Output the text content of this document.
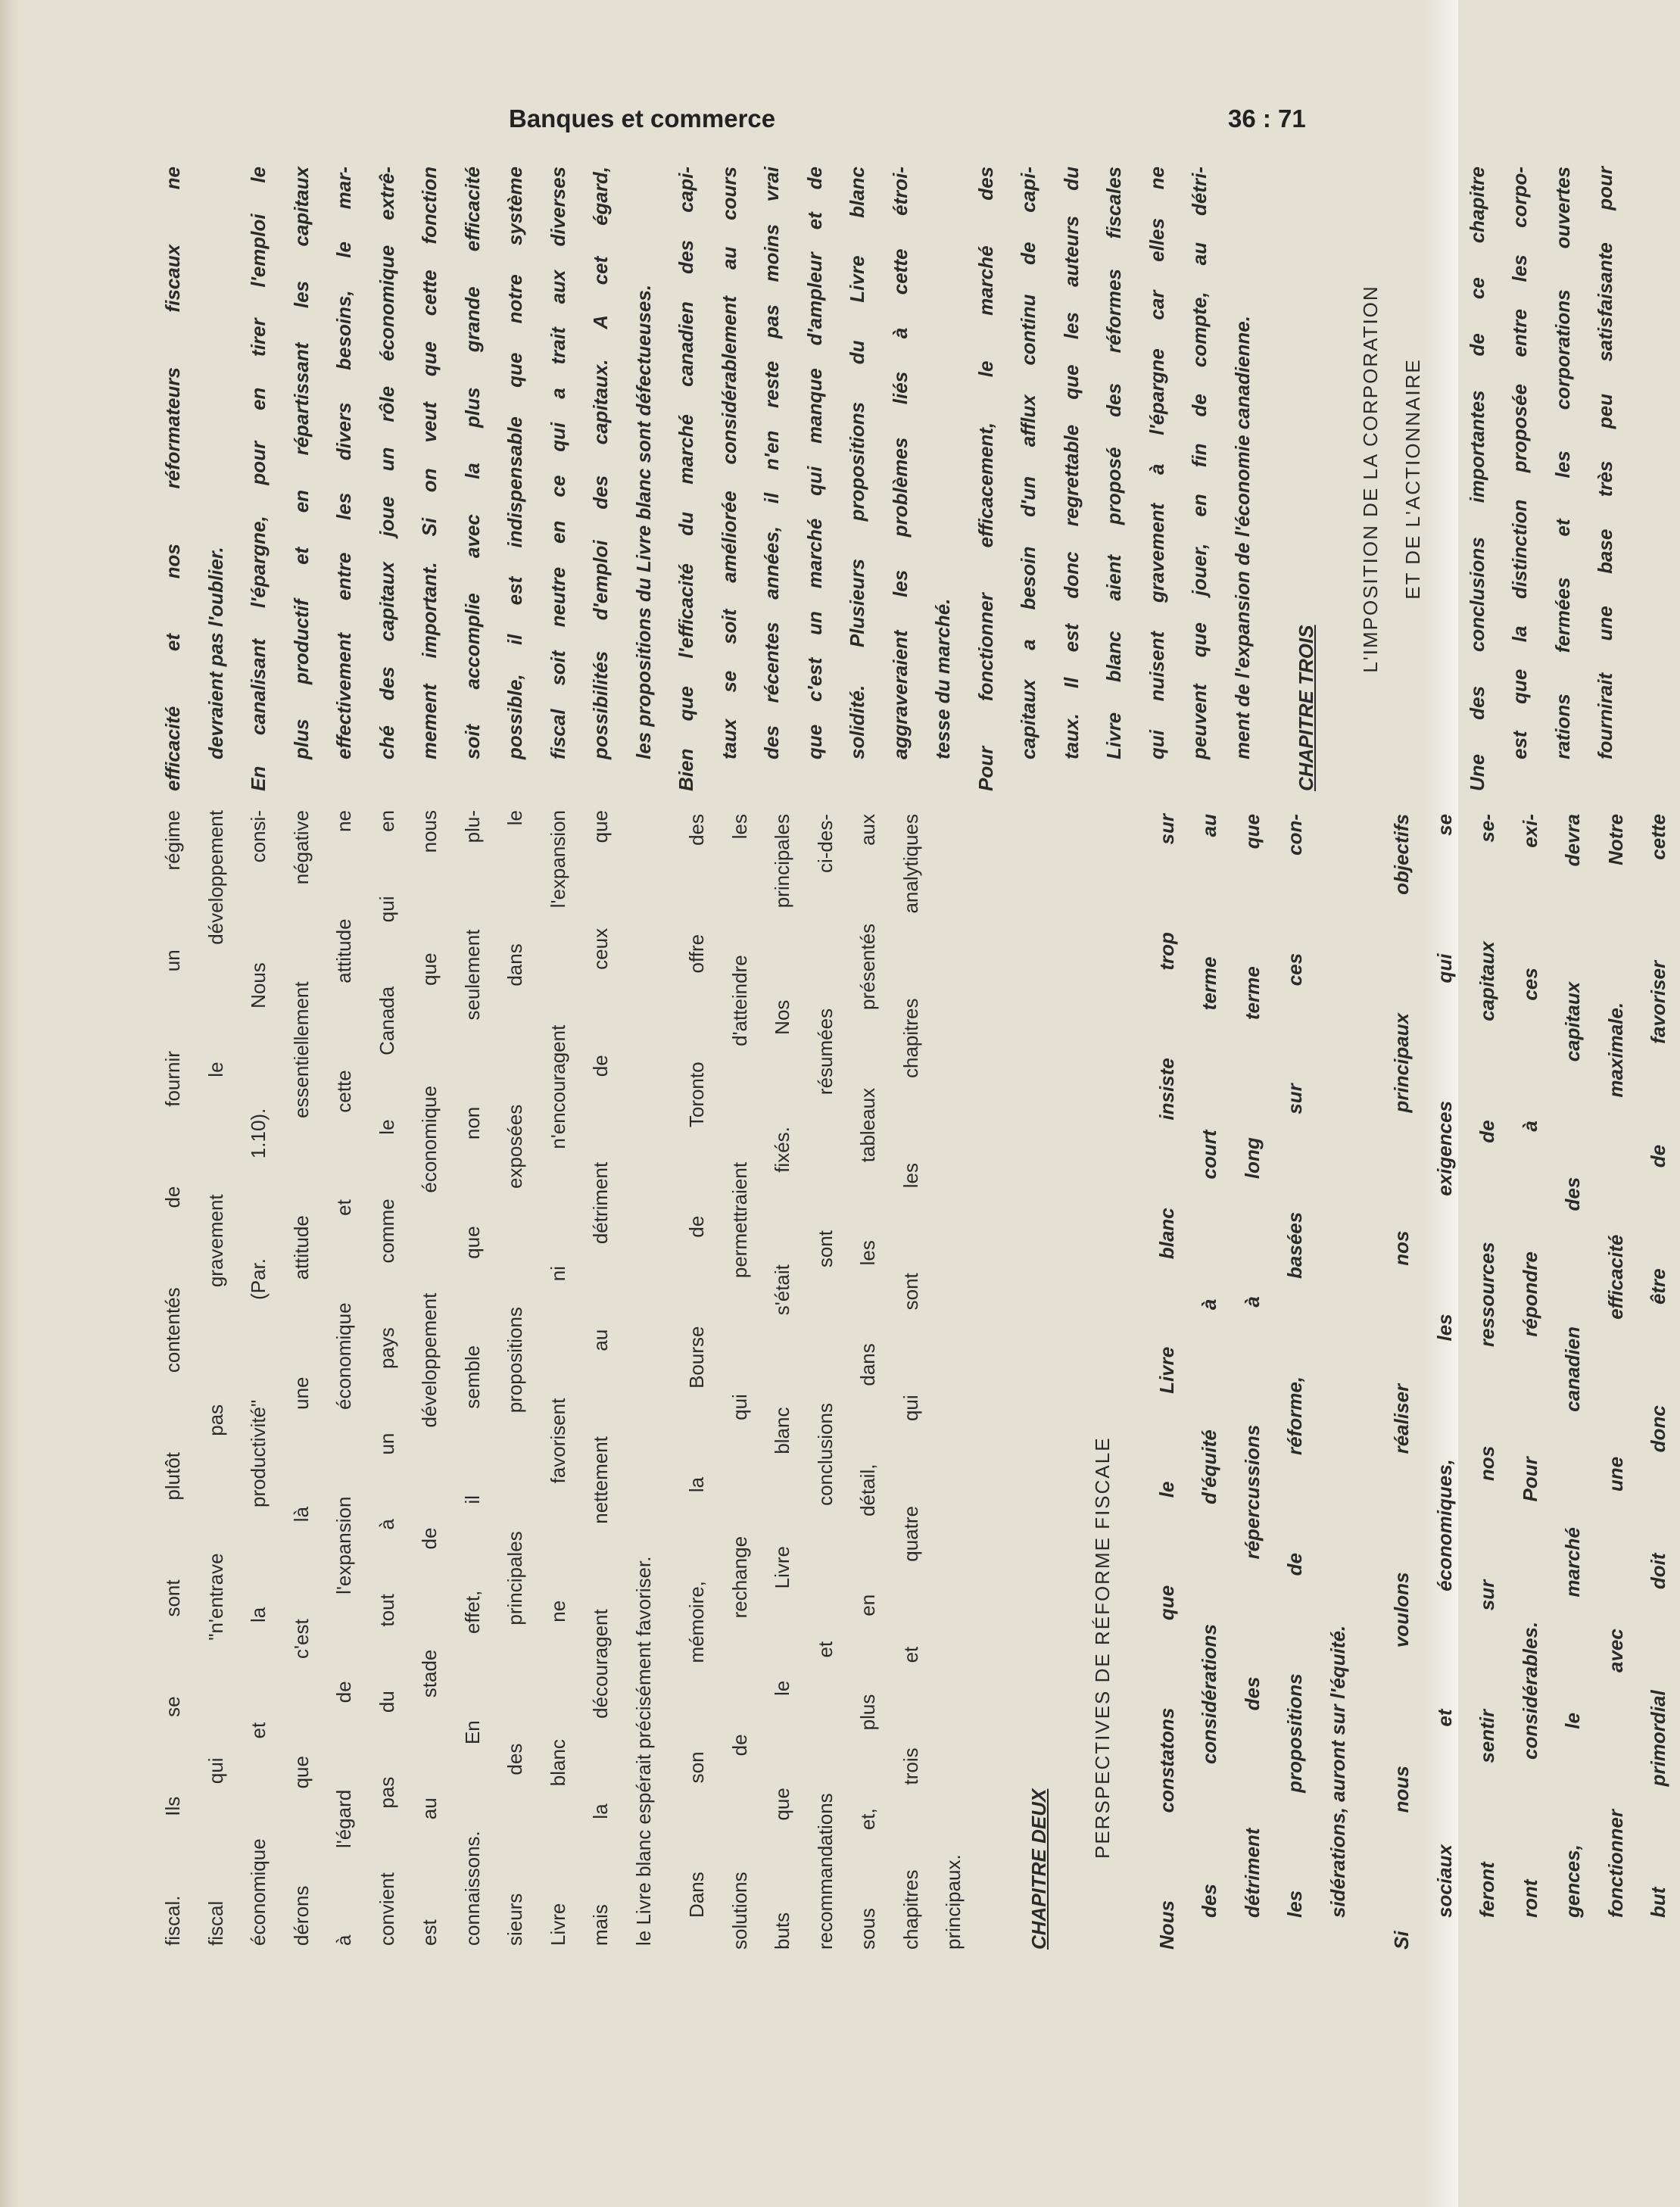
Banques et commerce	36 : 71
fiscal. Ils se sont plutôt contentés de fournir un régime	fiscal qui "n'entrave pas gravement le développement	économique et la productivité" (Par. 1.10). Nous consi-	dérons que c'est là une attitude essentiellement négative	à l'égard de l'expansion économique et cette attitude ne	convient pas du tout à un pays comme le Canada qui en	est au stade de développement économique que nous	connaissons. En effet, il semble que non seulement plu-	sieurs des principales propositions exposées dans le	Livre blanc ne favorisent ni n'encouragent l'expansion	mais la découragent nettement au détriment de ceux que	le Livre blanc espérait précisément favoriser.	Dans son mémoire, la Bourse de Toronto offre des	solutions de rechange qui permettraient d'atteindre les	buts que le Livre blanc s'était fixés. Nos principales	recommandations et conclusions sont résumées ci-des-	sous et, plus en détail, dans les tableaux présentés aux	chapitres trois et quatre qui sont les chapitres analytiques	principaux.	CHAPITRE DEUX
PERSPECTIVES DE RÉFORME FISCALE	Nous constatons que le Livre blanc insiste trop sur	des considérations d'équité à court terme au	détriment des répercussions à long terme que	les propositions de réforme, basées sur ces con-	sidérations, auront sur l'équité.	Si nous voulons réaliser nos principaux objectifs	sociaux et économiques, les exigences qui se	feront sentir sur nos ressources de capitaux se-	ront considérables. Pour répondre à ces exi-	gences, le marché canadien des capitaux devra	fonctionner avec une efficacité maximale. Notre	but primordial doit donc être de favoriser cette
efficacité et nos réformateurs fiscaux ne	devraient pas l'oublier.	En canalisant l'épargne, pour en tirer l'emploi le	plus productif et en répartissant les capitaux	effectivement entre les divers besoins, le mar-	ché des capitaux joue un rôle économique extrê-	mement important. Si on veut que cette fonction	soit accomplie avec la plus grande efficacité	possible, il est indispensable que notre système	fiscal soit neutre en ce qui a trait aux diverses	possibilités d'emploi des capitaux. A cet égard,	les propositions du Livre blanc sont défectueuses.	Bien que l'efficacité du marché canadien des capi-	taux se soit améliorée considérablement au cours	des récentes années, il n'en reste pas moins vrai	que c'est un marché qui manque d'ampleur et de	solidité. Plusieurs propositions du Livre blanc	aggraveraient les problèmes liés à cette étroi-	tesse du marché.	Pour fonctionner efficacement, le marché des	capitaux a besoin d'un afflux continu de capi-	taux. Il est donc regrettable que les auteurs du	Livre blanc aient proposé des réformes fiscales	qui nuisent gravement à l'épargne car elles ne	peuvent que jouer, en fin de compte, au détri-	ment de l'expansion de l'économie canadienne.	CHAPITRE TROIS
L'IMPOSITION DE LA CORPORATION	ET DE L'ACTIONNAIRE	Une des conclusions importantes de ce chapitre	est que la distinction proposée entre les corpo-	rations fermées et les corporations ouvertes	fournirait une base très peu satisfaisante pour
